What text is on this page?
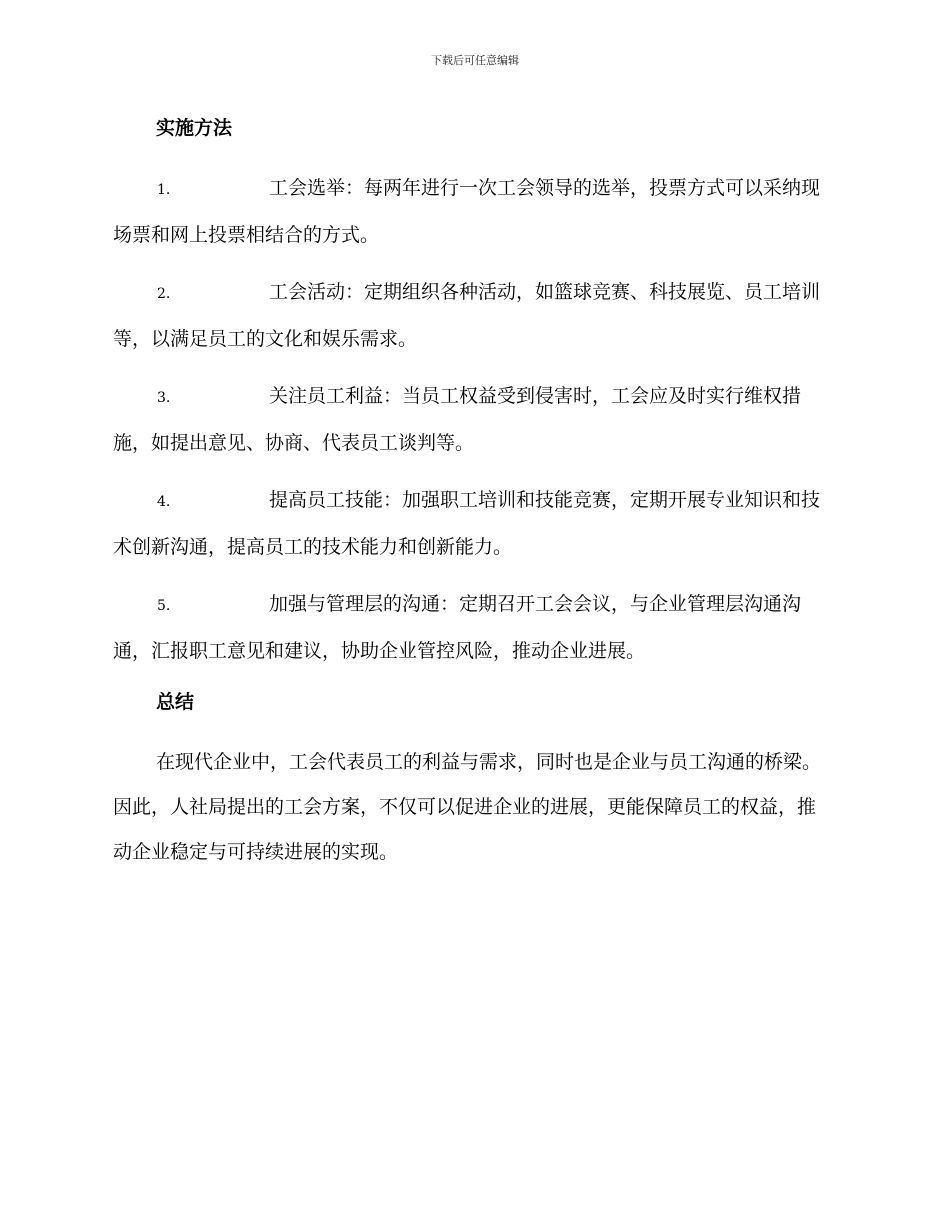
下载后可任意编辑
实施方法
1.	工会选举：每两年进行一次工会领导的选举，投票方式可以采纳现场票和网上投票相结合的方式。
2.	工会活动：定期组织各种活动，如篮球竞赛、科技展览、员工培训等，以满足员工的文化和娱乐需求。
3.	关注员工利益：当员工权益受到侵害时，工会应及时实行维权措施，如提出意见、协商、代表员工谈判等。
4.	提高员工技能：加强职工培训和技能竞赛，定期开展专业知识和技术创新沟通，提高员工的技术能力和创新能力。
5.	加强与管理层的沟通：定期召开工会会议，与企业管理层沟通沟通，汇报职工意见和建议，协助企业管控风险，推动企业进展。
总结

在现代企业中，工会代表员工的利益与需求，同时也是企业与员工沟通的桥梁。因此，人社局提出的工会方案，不仅可以促进企业的进展，更能保障员工的权益，推动企业稳定与可持续进展的实现。
